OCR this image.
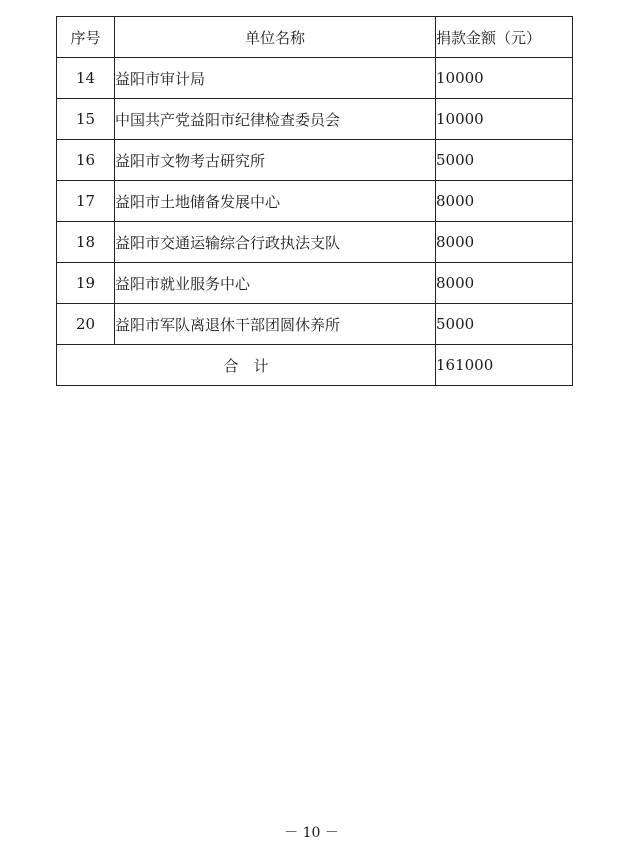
序号	单位名称	捐款金额（元）
14	益阳市审计局	10000
15	中国共产党益阳市纪律检查委员会	10000
16	益阳市文物考古研究所	5000
17	益阳市土地储备发展中心	8000
18	益阳市交通运输综合行政执法支队	8000
19	益阳市就业服务中心	8000
20	益阳市军队离退休干部团圆休养所	5000
合　计		161000
－ 10 －
